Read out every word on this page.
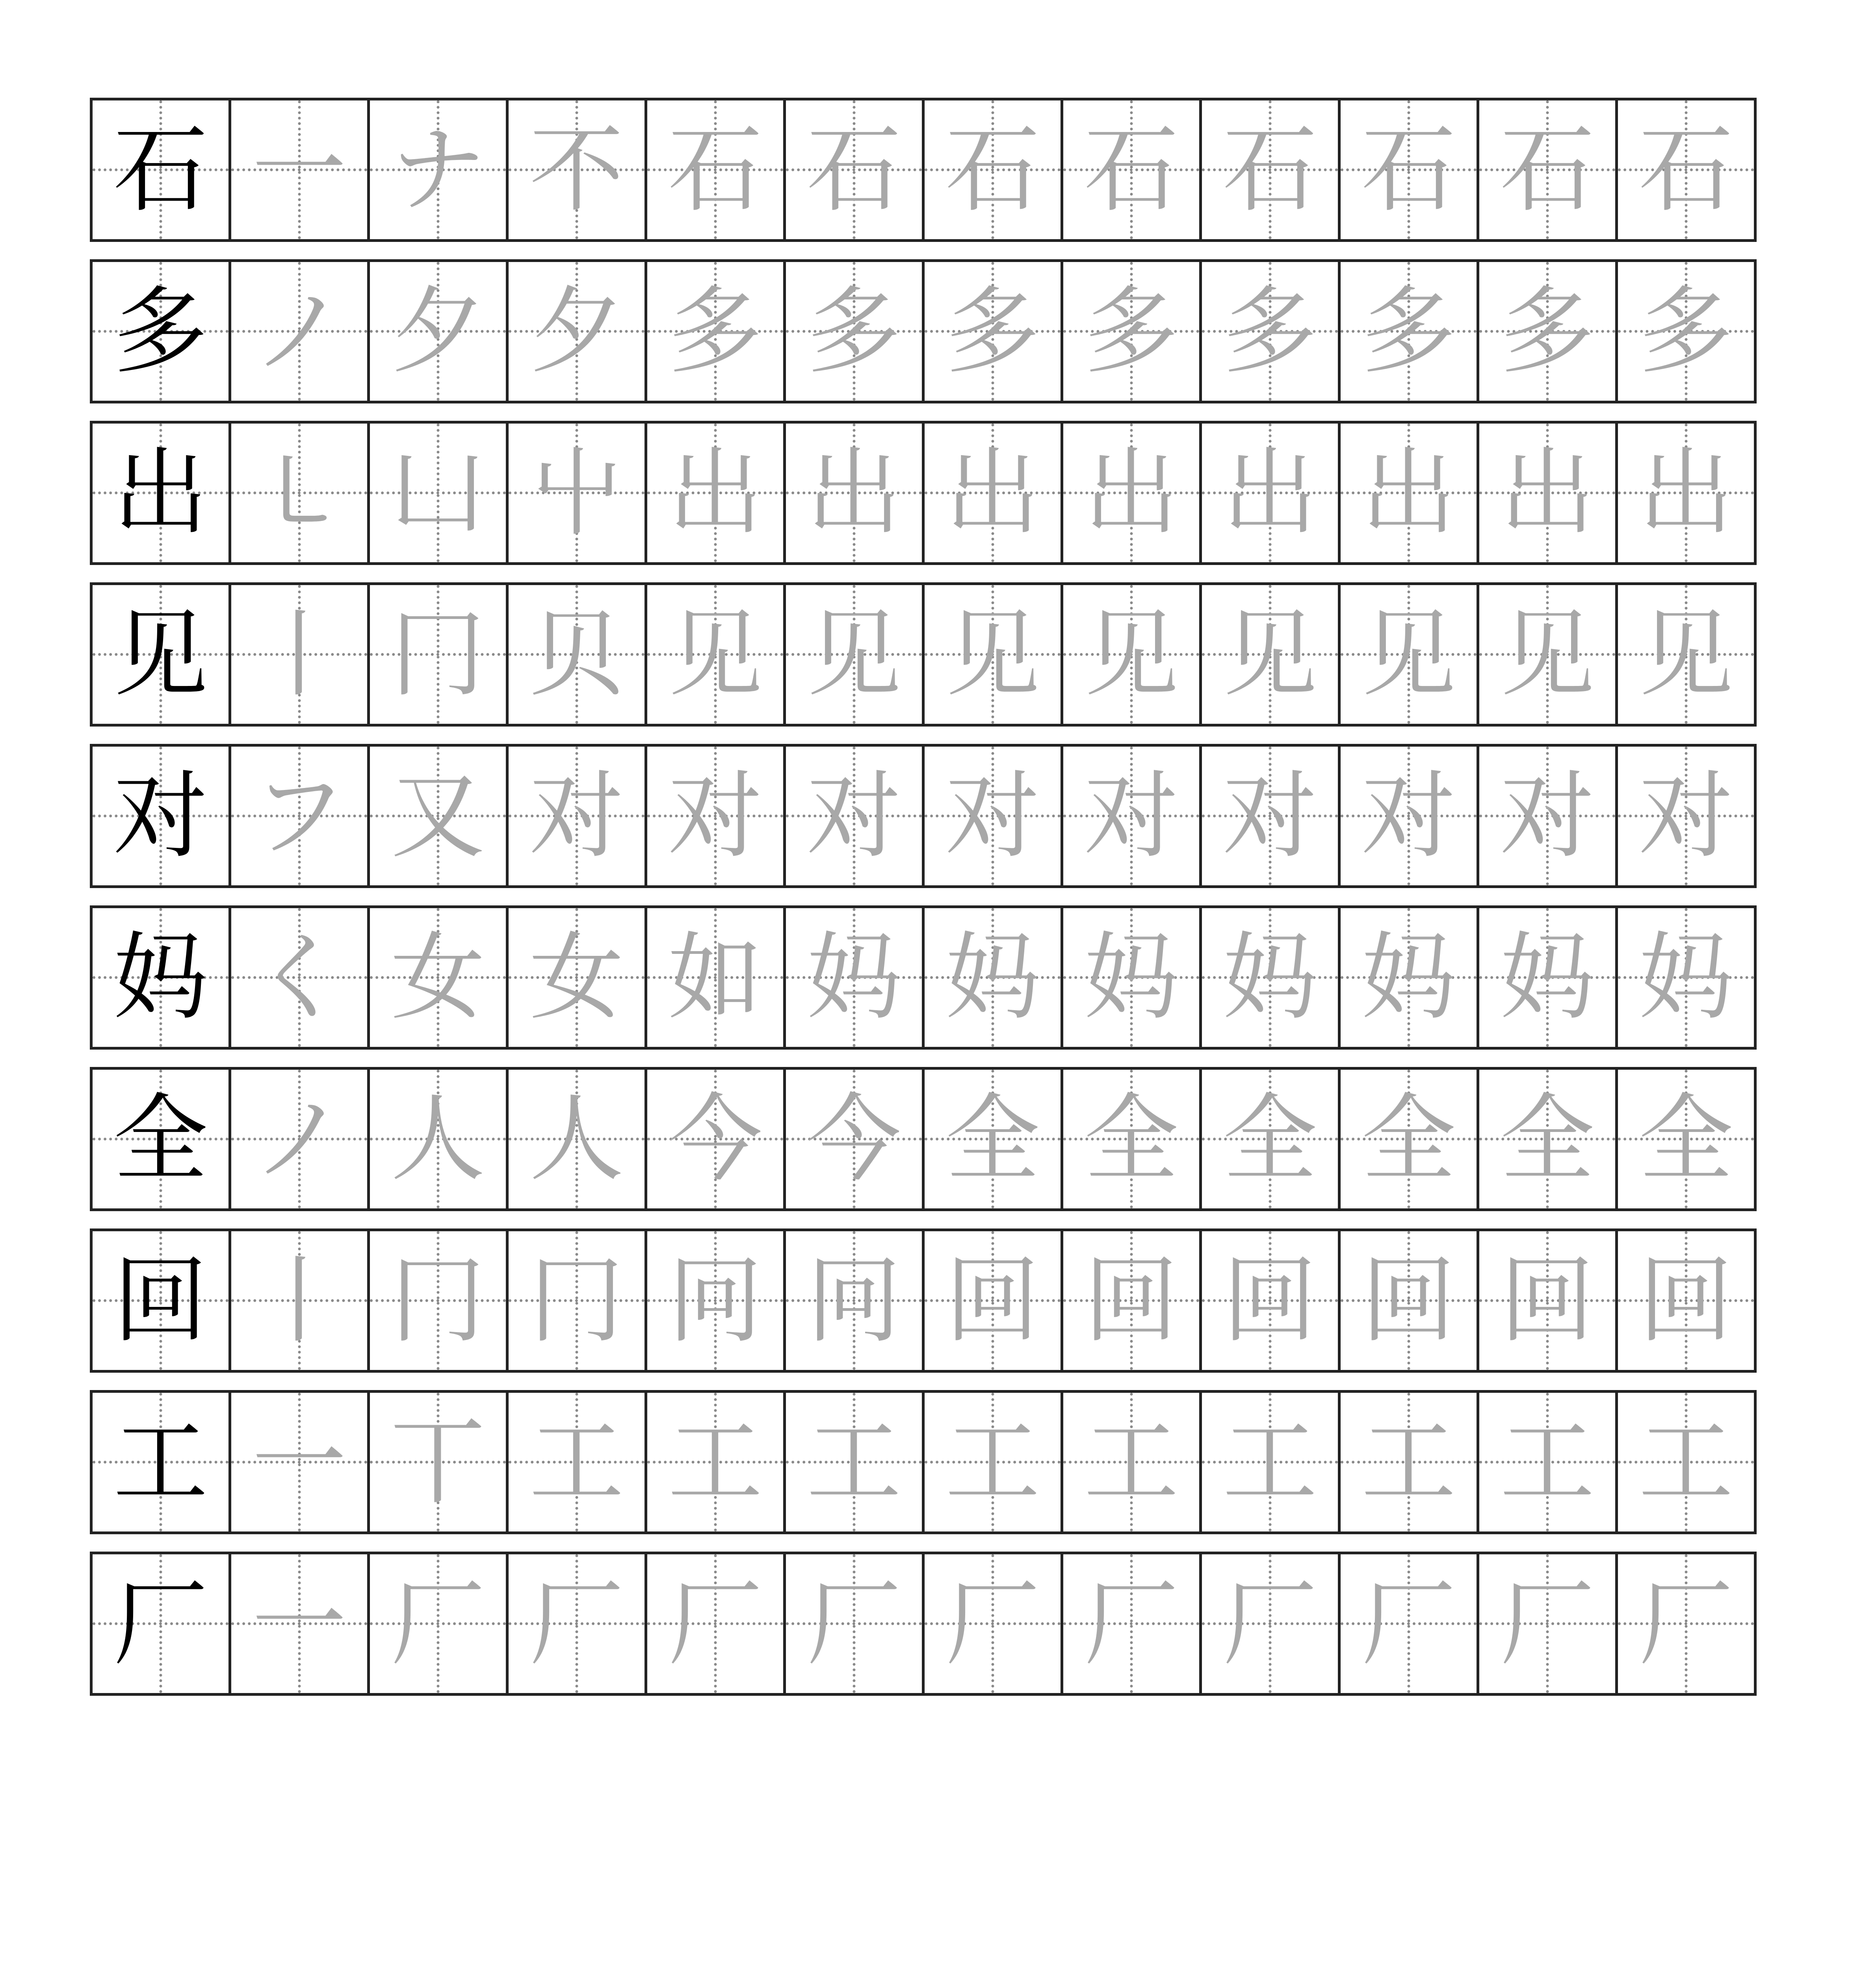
石 一 ナ 不 石 石 石 石 石 石 石 石
多 ノ 夕 夕 多 多 多 多 多 多 多 多
出 ㇄ 凵 屮 出 出 出 出 出 出 出 出
见 丨 冂 贝 见 见 见 见 见 见 见 见
对 フ 又 对 对 对 对 对 对 对 对 对
妈 く 女 女 如 妈 妈 妈 妈 妈 妈 妈
全 ノ 人 人 今 今 全 全 全 全 全 全
回 丨 冂 冂 冋 冋 回 回 回 回 回 回
工 一 丅 工 工 工 工 工 工 工 工 工
厂 一 厂 厂 厂 厂 厂 厂 厂 厂 厂 厂
